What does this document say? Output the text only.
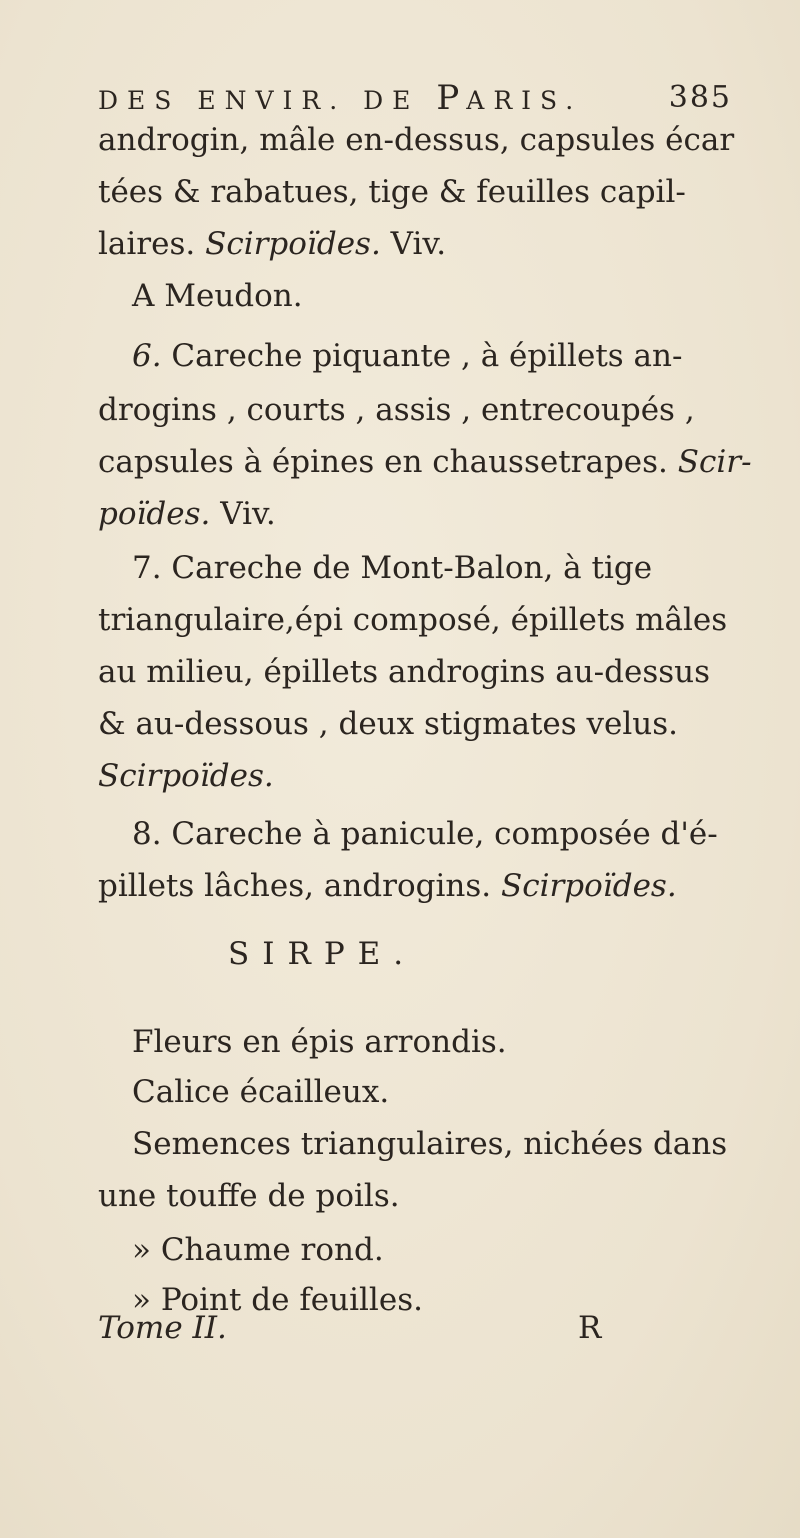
DES ENVIR. DE PARIS.	385
androgin, mâle en-dessus, capsules écar
tées & rabatues, tige & feuilles capil-
laires. Scirpoïdes. Viv.
A Meudon.
6. Careche piquante , à épillets an-
drogins , courts , assis , entrecoupés ,
capsules à épines en chaussetrapes. Scir-
poïdes. Viv.
7. Careche de Mont-Balon, à tige
triangulaire,épi composé, épillets mâles
au milieu, épillets androgins au-dessus
& au-dessous , deux stigmates velus.
Scirpoïdes.
8. Careche à panicule, composée d'é-
pillets lâches, androgins. Scirpoïdes.
SIRPE.
Fleurs en épis arrondis.
Calice écailleux.
Semences triangulaires, nichées dans
une touffe de poils.
» Chaume rond.
» Point de feuilles.
Tome II.	R
